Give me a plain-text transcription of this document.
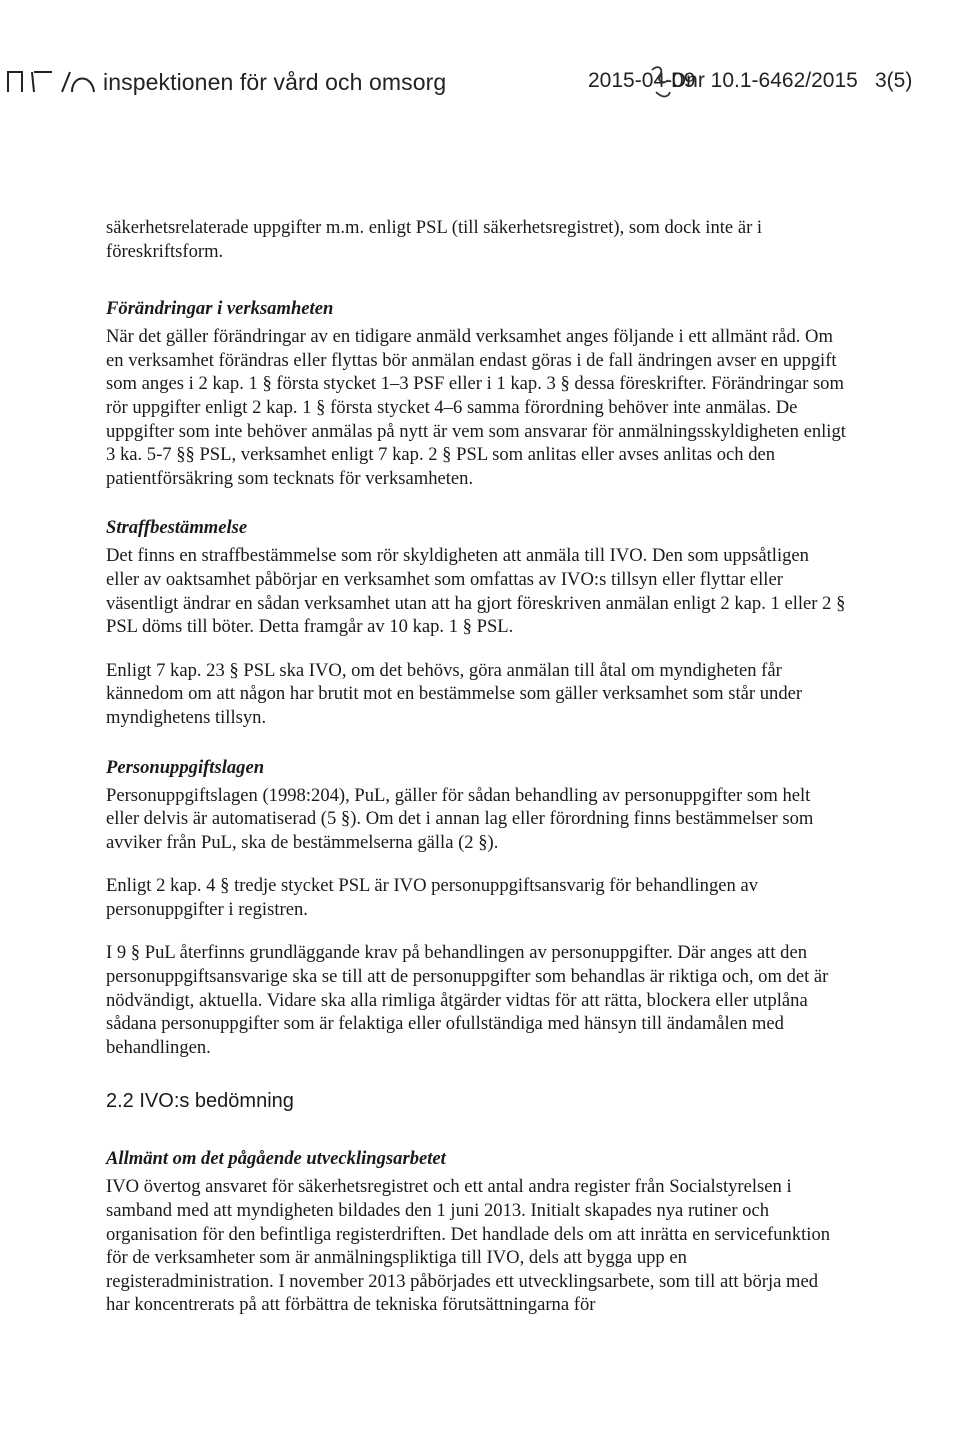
inspektionen för vård och omsorg	2015-04-09
Dnr 10.1-6462/2015 3(5)

säkerhetsrelaterade uppgifter m.m. enligt PSL (till säkerhetsregistret), som dock inte är i föreskriftsform.

Förändringar i verksamheten

När det gäller förändringar av en tidigare anmäld verksamhet anges följande i ett allmänt råd. Om en verksamhet förändras eller flyttas bör anmälan endast göras i de fall ändringen avser en uppgift som anges i 2 kap. 1 § första stycket 1–3 PSF eller i 1 kap. 3 § dessa föreskrifter. Förändringar som rör uppgifter enligt 2 kap. 1 § första stycket 4–6 samma förordning behöver inte anmälas. De uppgifter som inte behöver anmälas på nytt är vem som ansvarar för anmälningsskyldigheten enligt 3 ka. 5-7 §§ PSL, verksamhet enligt 7 kap. 2 § PSL som anlitas eller avses anlitas och den patientförsäkring som tecknats för verksamheten.

Straffbestämmelse

Det finns en straffbestämmelse som rör skyldigheten att anmäla till IVO. Den som uppsåtligen eller av oaktsamhet påbörjar en verksamhet som omfattas av IVO:s tillsyn eller flyttar eller väsentligt ändrar en sådan verksamhet utan att ha gjort föreskriven anmälan enligt 2 kap. 1 eller 2 § PSL döms till böter. Detta framgår av 10 kap. 1 § PSL.

Enligt 7 kap. 23 § PSL ska IVO, om det behövs, göra anmälan till åtal om myndigheten får kännedom om att någon har brutit mot en bestämmelse som gäller verksamhet som står under myndighetens tillsyn.

Personuppgiftslagen

Personuppgiftslagen (1998:204), PuL, gäller för sådan behandling av personuppgifter som helt eller delvis är automatiserad (5 §). Om det i annan lag eller förordning finns bestämmelser som avviker från PuL, ska de bestämmelserna gälla (2 §).

Enligt 2 kap. 4 § tredje stycket PSL är IVO personuppgiftsansvarig för behandlingen av personuppgifter i registren.

I 9 § PuL återfinns grundläggande krav på behandlingen av personuppgifter. Där anges att den personuppgiftsansvarige ska se till att de personuppgifter som behandlas är riktiga och, om det är nödvändigt, aktuella. Vidare ska alla rimliga åtgärder vidtas för att rätta, blockera eller utplåna sådana personuppgifter som är felaktiga eller ofullständiga med hänsyn till ändamålen med behandlingen.

2.2 IVO:s bedömning
Allmänt om det pågående utvecklingsarbetet

IVO övertog ansvaret för säkerhetsregistret och ett antal andra register från Socialstyrelsen i samband med att myndigheten bildades den 1 juni 2013. Initialt skapades nya rutiner och organisation för den befintliga registerdriften. Det handlade dels om att inrätta en servicefunktion för de verksamheter som är anmälningspliktiga till IVO, dels att bygga upp en registeradministration. I november 2013 påbörjades ett utvecklingsarbete, som till att börja med har koncentrerats på att förbättra de tekniska förutsättningarna för
